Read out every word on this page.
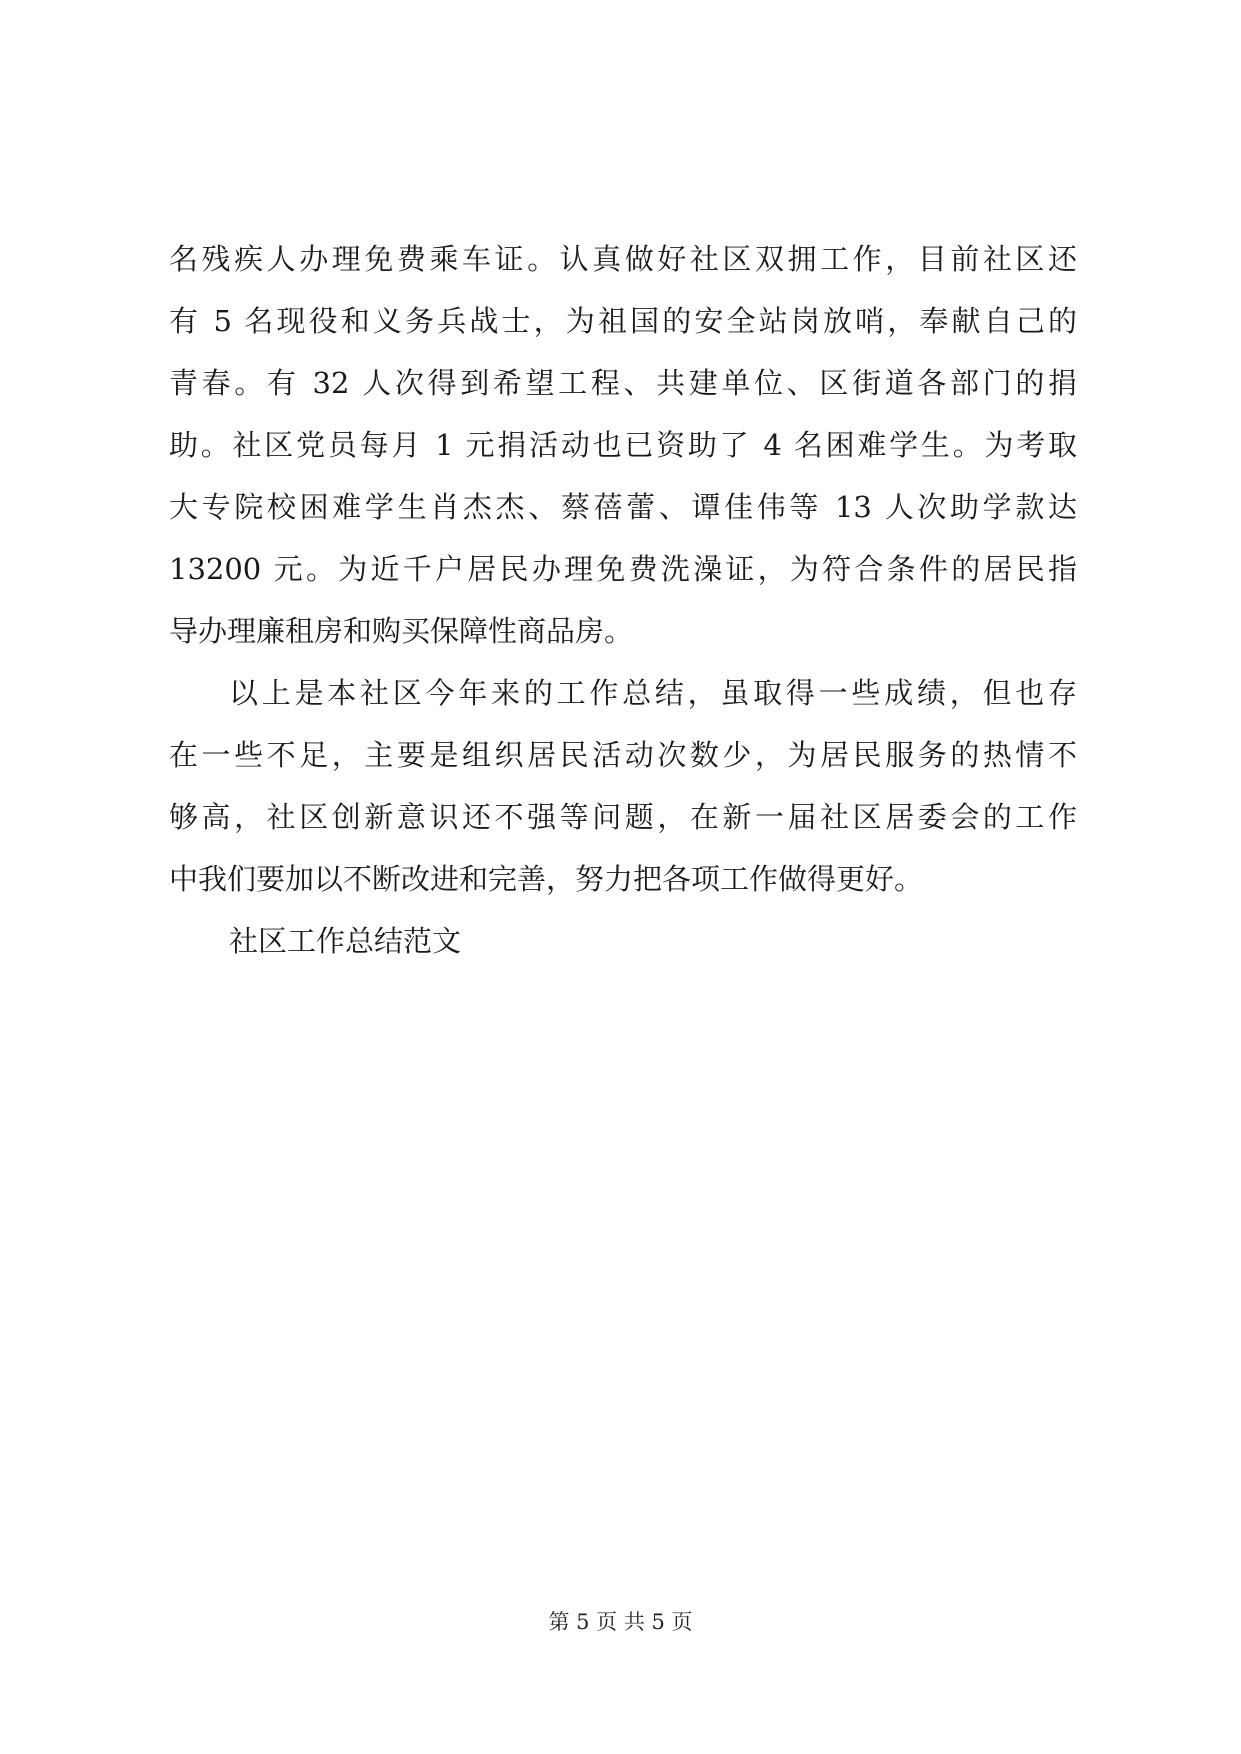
名残疾人办理免费乘车证。认真做好社区双拥工作，目前社区还
有 5 名现役和义务兵战士，为祖国的安全站岗放哨，奉献自己的
青春。有 32 人次得到希望工程、共建单位、区街道各部门的捐
助。社区党员每月 1 元捐活动也已资助了 4 名困难学生。为考取
大专院校困难学生肖杰杰、蔡蓓蕾、谭佳伟等 13 人次助学款达
13200 元。为近千户居民办理免费洗澡证，为符合条件的居民指
导办理廉租房和购买保障性商品房。
以上是本社区今年来的工作总结，虽取得一些成绩，但也存
在一些不足，主要是组织居民活动次数少，为居民服务的热情不
够高，社区创新意识还不强等问题，在新一届社区居委会的工作
中我们要加以不断改进和完善，努力把各项工作做得更好。
社区工作总结范文
第 5 页 共 5 页
